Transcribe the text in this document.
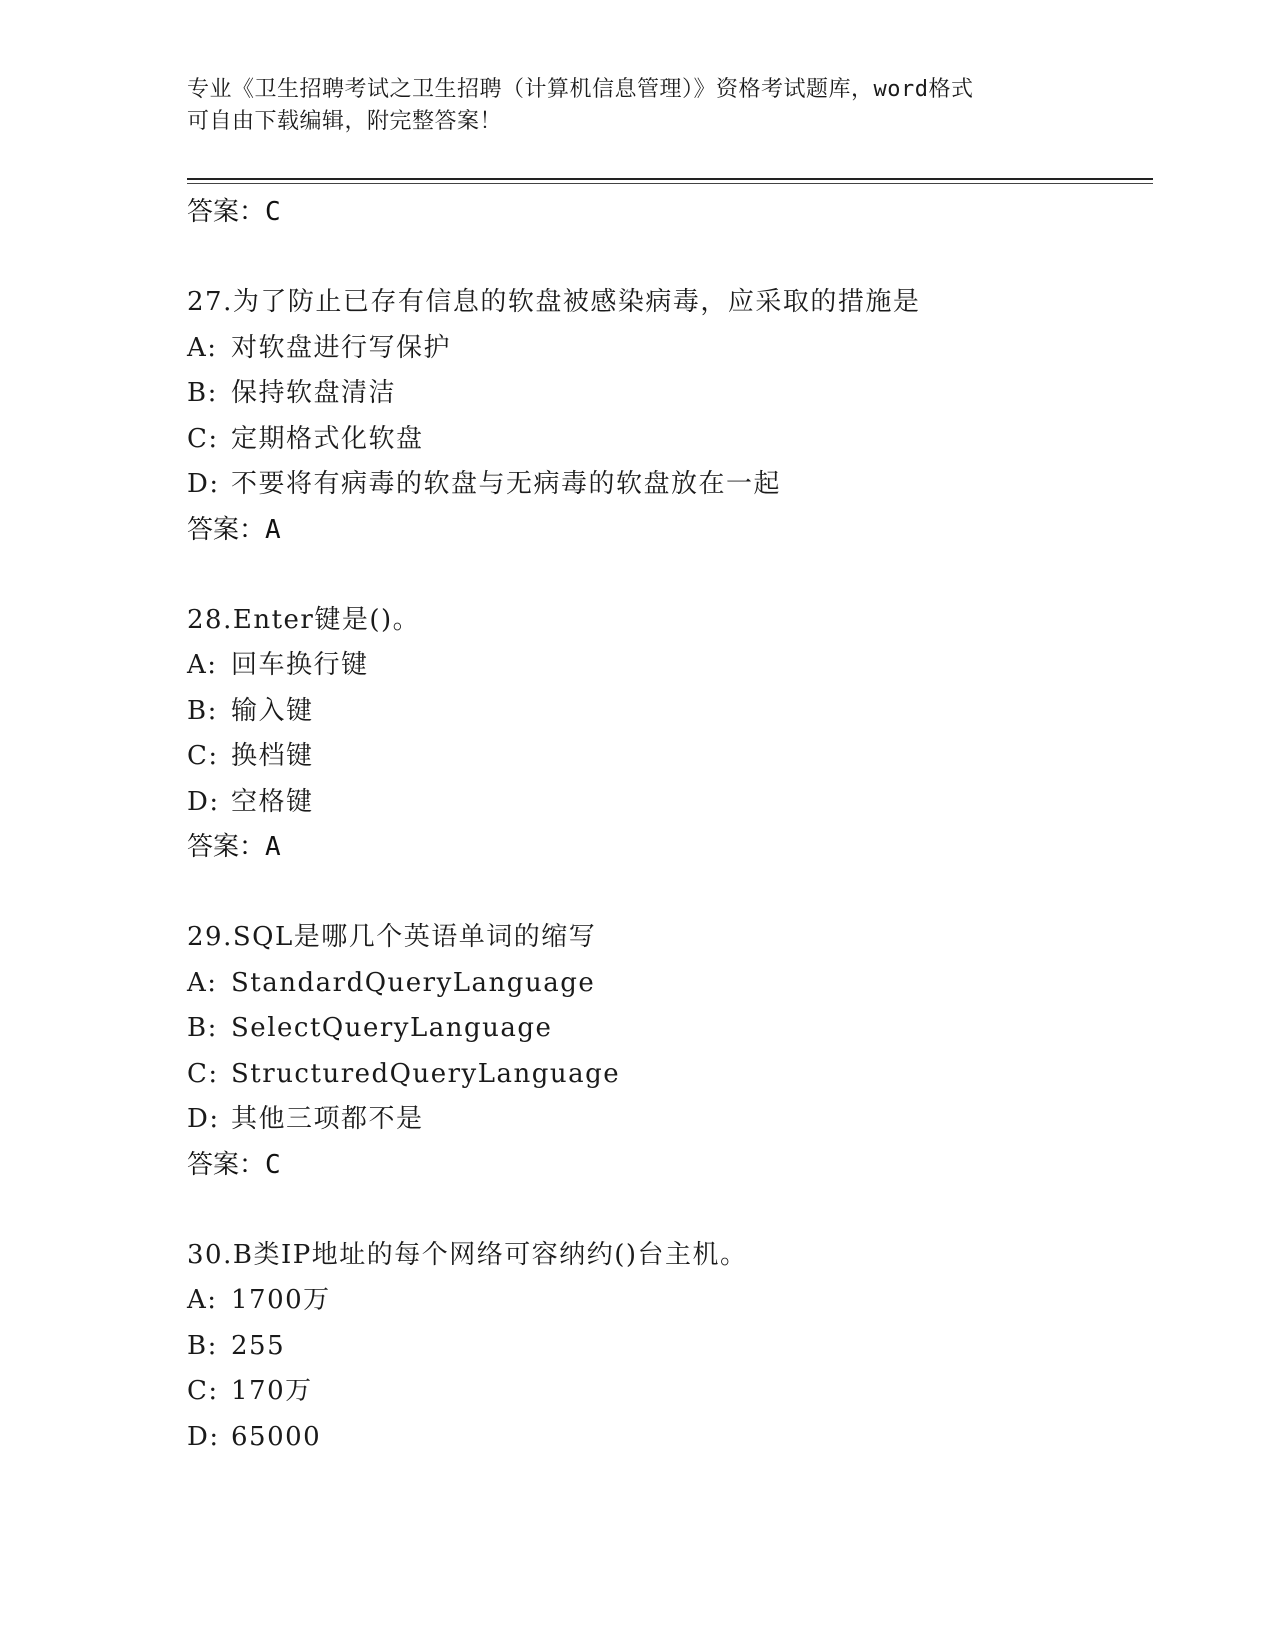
专业《卫生招聘考试之卫生招聘（计算机信息管理）》资格考试题库，word格式
可自由下载编辑，附完整答案！
答案：C
27.为了防止已存有信息的软盘被感染病毒，应采取的措施是
A: 对软盘进行写保护
B: 保持软盘清洁
C: 定期格式化软盘
D: 不要将有病毒的软盘与无病毒的软盘放在一起
答案：A
28.Enter键是()。
A: 回车换行键
B: 输入键
C: 换档键
D: 空格键
答案：A
29.SQL是哪几个英语单词的缩写
A: StandardQueryLanguage
B: SelectQueryLanguage
C: StructuredQueryLanguage
D: 其他三项都不是
答案：C
30.B类IP地址的每个网络可容纳约()台主机。
A: 1700万
B: 255
C: 170万
D: 65000
